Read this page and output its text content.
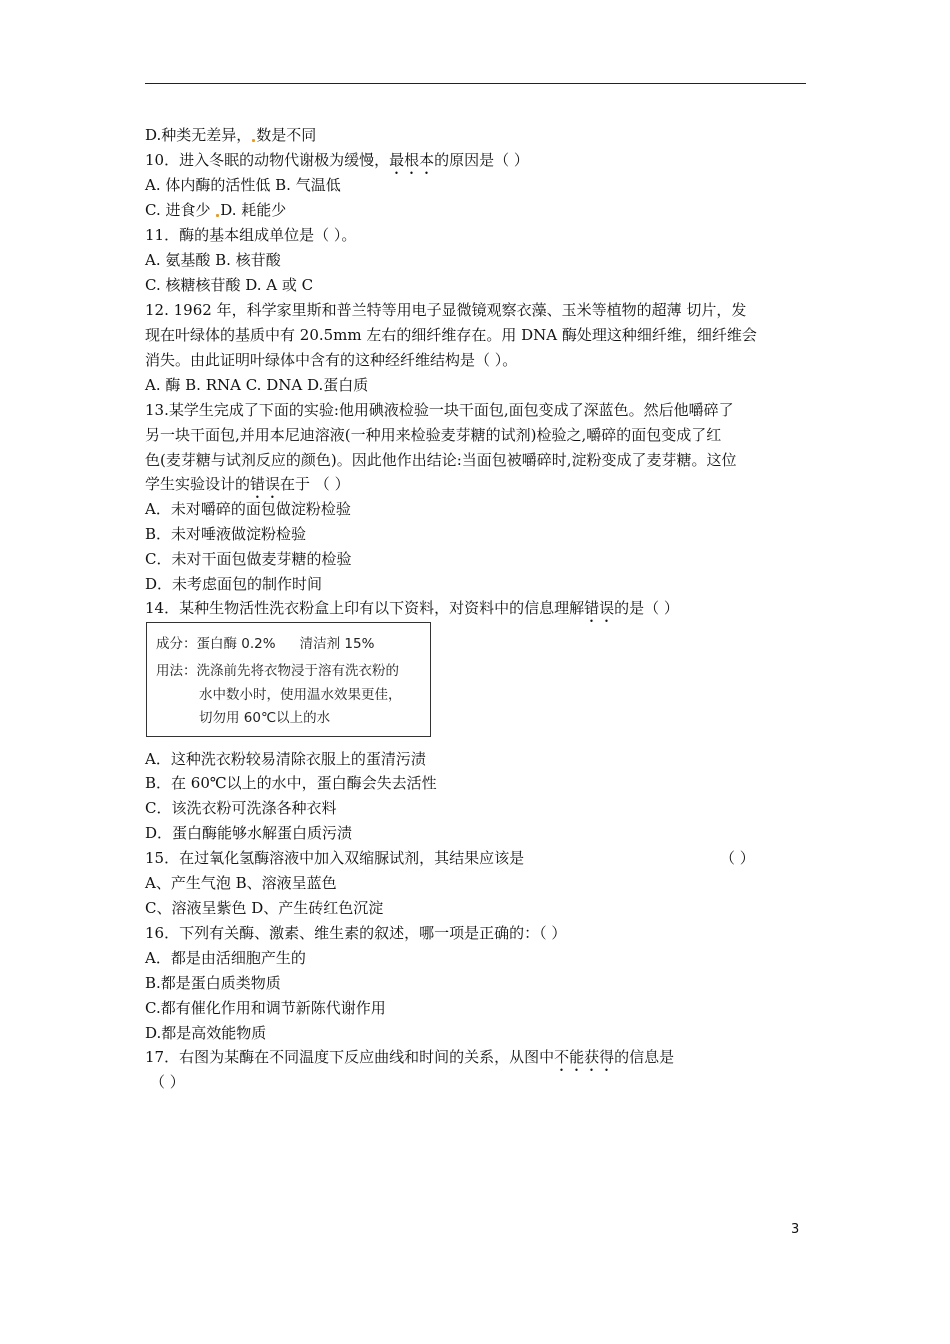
D.种类无差异， 数是不同
10．进入冬眠的动物代谢极为缓慢，最根本的原因是（ ）
A. 体内酶的活性低 B. 气温低
C. 进食少 D. 耗能少
11．酶的基本组成单位是（ ）。
A. 氨基酸 B. 核苷酸
C. 核糖核苷酸 D. A 或 C
12. 1962 年，科学家里斯和普兰特等用电子显微镜观察衣藻、玉米等植物的超薄 切片，发
现在叶绿体的基质中有 20.5mm 左右的细纤维存在。用 DNA 酶处理这种细纤维，细纤维会
消失。由此证明叶绿体中含有的这种经纤维结构是（ ）。
A. 酶 B. RNA C. DNA D.蛋白质
13.某学生完成了下面的实验:他用碘液检验一块干面包,面包变成了深蓝色。然后他嚼碎了
另一块干面包,并用本尼迪溶液(一种用来检验麦芽糖的试剂)检验之,嚼碎的面包变成了红
色(麦芽糖与试剂反应的颜色)。因此他作出结论:当面包被嚼碎时,淀粉变成了麦芽糖。这位
学生实验设计的错误在于 （ ）
A．未对嚼碎的面包做淀粉检验
B．未对唾液做淀粉检验
C．未对干面包做麦芽糖的检验
D．未考虑面包的制作时间
14．某种生物活性洗衣粉盒上印有以下资料，对资料中的信息理解错误的是（ ）
成分：蛋白酶 0.2% 清洁剂 15%
用法：洗涤前先将衣物浸于溶有洗衣粉的
水中数小时，使用温水效果更佳，
切勿用 60℃以上的水
A．这种洗衣粉较易清除衣服上的蛋清污渍
B．在 60℃以上的水中，蛋白酶会失去活性
C．该洗衣粉可洗涤各种衣料
D．蛋白酶能够水解蛋白质污渍
15．在过氧化氢酶溶液中加入双缩脲试剂，其结果应该是	（ ）
A、产生气泡 B、溶液呈蓝色
C、溶液呈紫色 D、产生砖红色沉淀
16．下列有关酶、激素、维生素的叙述，哪一项是正确的：（ ）
A．都是由活细胞产生的
B.都是蛋白质类物质
C.都有催化作用和调节新陈代谢作用
D.都是高效能物质
17．右图为某酶在不同温度下反应曲线和时间的关系，从图中不能获得的信息是
（ ）
3
